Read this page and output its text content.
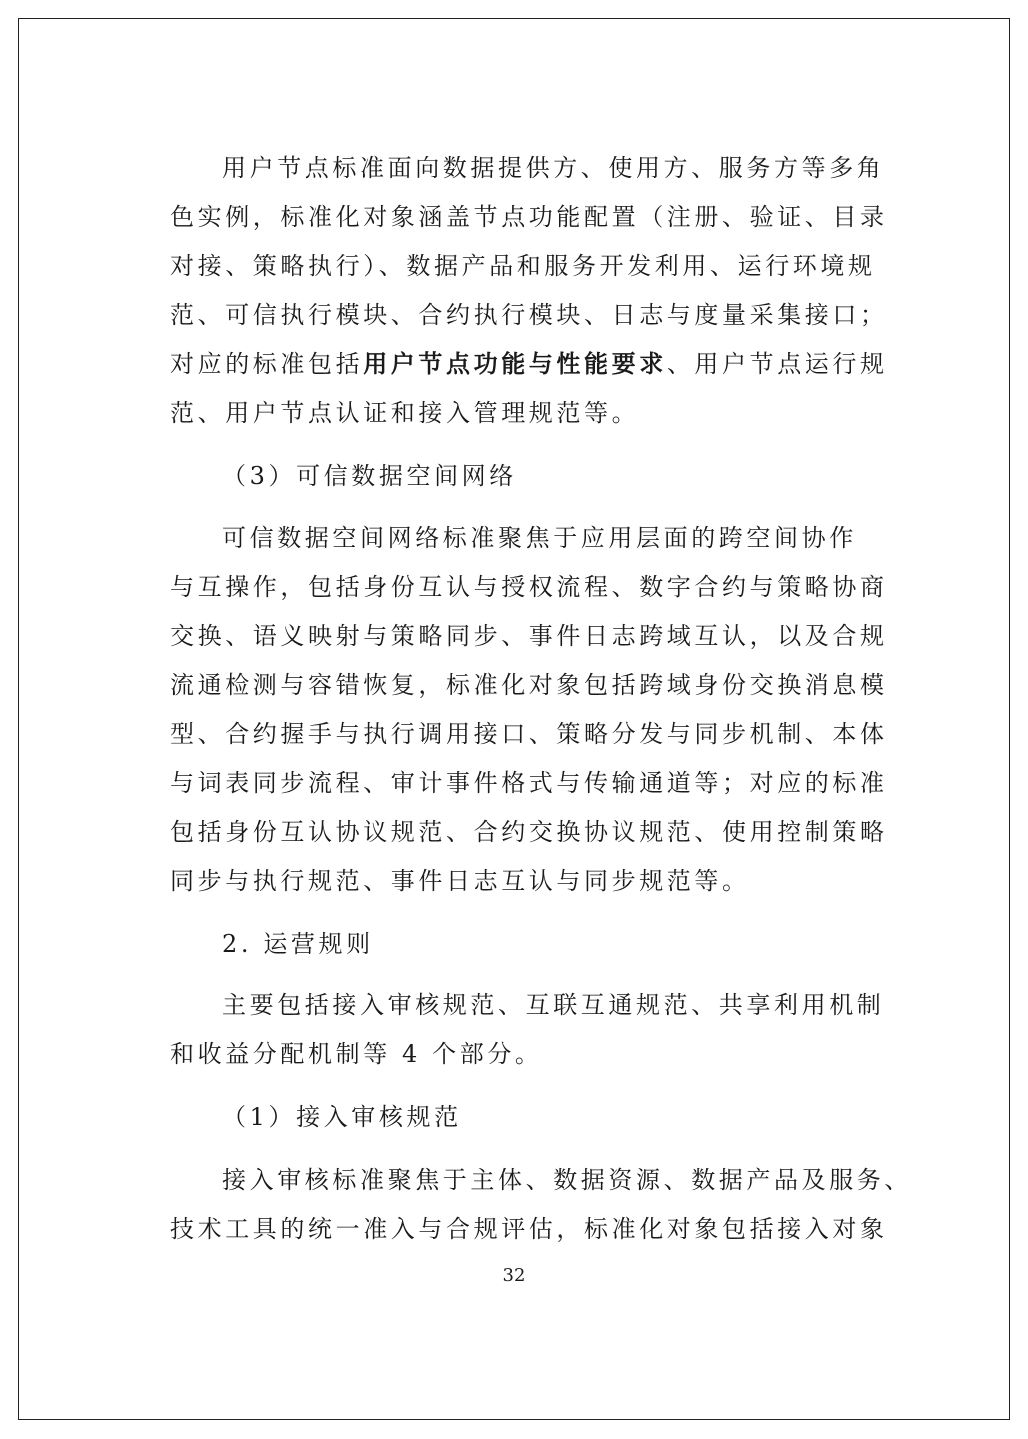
用户节点标准面向数据提供方、使用方、服务方等多角
色实例，标准化对象涵盖节点功能配置（注册、验证、目录
对接、策略执行）、数据产品和服务开发利用、运行环境规
范、可信执行模块、合约执行模块、日志与度量采集接口；
对应的标准包括用户节点功能与性能要求、用户节点运行规
范、用户节点认证和接入管理规范等。
（3）可信数据空间网络
可信数据空间网络标准聚焦于应用层面的跨空间协作
与互操作，包括身份互认与授权流程、数字合约与策略协商
交换、语义映射与策略同步、事件日志跨域互认，以及合规
流通检测与容错恢复，标准化对象包括跨域身份交换消息模
型、合约握手与执行调用接口、策略分发与同步机制、本体
与词表同步流程、审计事件格式与传输通道等；对应的标准
包括身份互认协议规范、合约交换协议规范、使用控制策略
同步与执行规范、事件日志互认与同步规范等。
2. 运营规则
主要包括接入审核规范、互联互通规范、共享利用机制
和收益分配机制等 4 个部分。
（1）接入审核规范
接入审核标准聚焦于主体、数据资源、数据产品及服务、
技术工具的统一准入与合规评估，标准化对象包括接入对象
32
